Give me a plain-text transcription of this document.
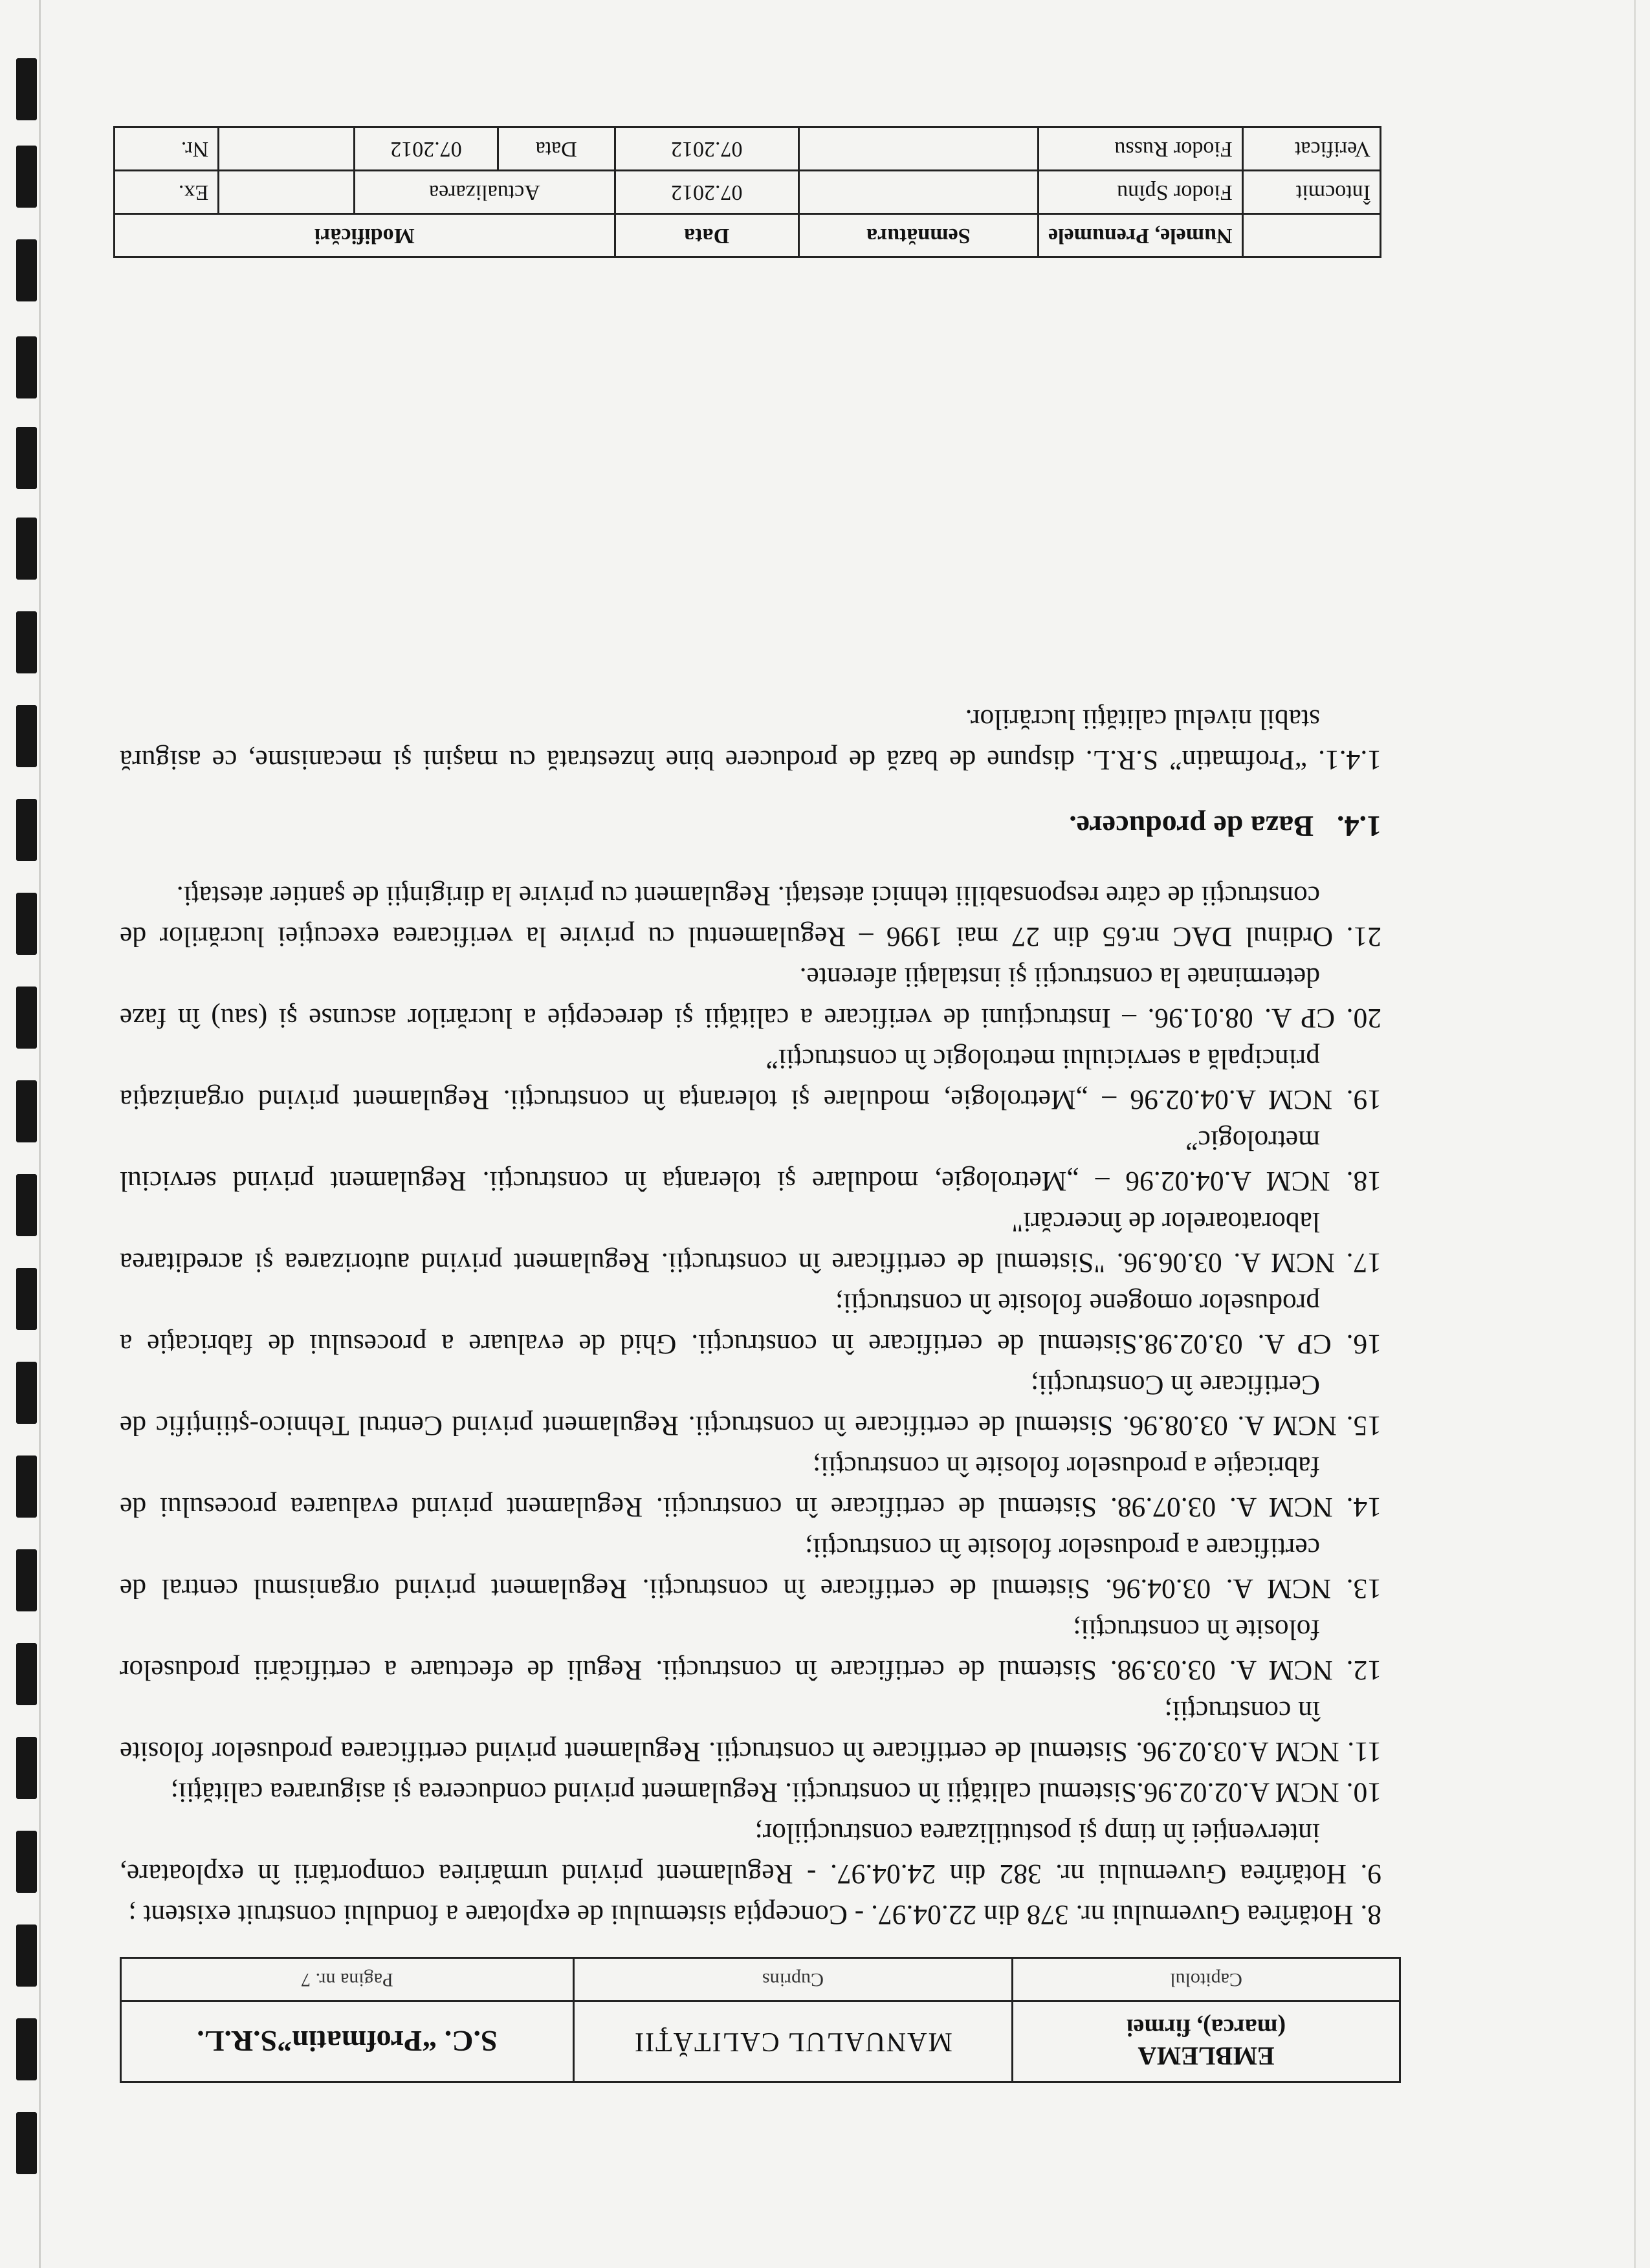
EMBLEMA
(marca), firmei	MANUALUL CALITĂŢII	S.C. “Profmatin”S.R.L.
Capitolul	Cuprins	Pagina nr. 7

8. Hotărîrea Guvernului nr. 378 din 22.04.97. - Concepţia sistemului de explotare a fondului construit existent ;

9. Hotărîrea Guvernului nr. 382 din 24.04.97. - Regulament privind urmărirea comportării în exploatare, intervenţiei în timp şi postutilizarea construcţiilor;

10. NCM A.02.02.96.Sistemul calităţii în construcţii. Regulament privind conducerea şi asigurarea calităţii;

11. NCM A.03.02.96. Sistemul de certificare în construcţii. Regulament privind certificarea produselor folosite în construcţii;

12. NCM A. 03.03.98. Sistemul de certificare în construcţii. Reguli de efectuare a certificării produselor folosite în construcţii;

13. NCM A. 03.04.96. Sistemul de certificare în construcţii. Regulament privind organismul central de certificare a produselor folosite în construcţii;

14. NCM A. 03.07.98. Sistemul de certificare în construcţii. Regulament privind evaluarea procesului de fabricaţie a produselor folosite în construcţii;

15. NCM A. 03.08.96. Sistemul de certificare în construcţii. Regulament privind Centrul Tehnico-ştiinţific de Certificare în Construcţii;

16. CP A. 03.02.98.Sistemul de certificare în construcţii. Ghid de evaluare a procesului de fabricaţie a produselor omogene folosite în construcţii;

17. NCM A. 03.06.96. "Sistemul de certificare în construcţii. Regulament privind autorizarea şi acreditarea laboratoarelor de încercări"

18. NCM A.04.02.96 – „Metrologie, modulare şi toleranţa în construcţii. Regulament privind serviciul metrologic”

19. NCM A.04.02.96 – „Metrologie, modulare şi toleranţa în construcţii. Regulament privind organizaţia principală a serviciului metrologic în construcţii”

20. CP A. 08.01.96. – Instrucţiuni de verificare a calităţii şi derecepţie a lucrărilor ascunse şi (sau) în faze determinate la construcţii şi instalaţii aferente.

21. Ordinul DAC nr.65 din 27 mai 1996 – Regulamentul cu privire la verificarea execuţiei lucrărilor de construcţii de către responsabilii tehnici atestaţi. Regulament cu privire la diriginţii de şantier atestaţi.

1.4.Baza de producere.

1.4.1. “Profmatin” S.R.L. dispune de bază de producere bine înzestrată cu maşini şi mecanisme, ce asigură stabil nivelul calităţii lucrărilor.

	Numele, Prenumele	Semnătura	Data	Modificări			
Întocmit	Fiodor Spînu		07.2012	Actualizarea			Ex.
Verificat	Fiodor Russu		07.2012	Data	07.2012		Nr.
